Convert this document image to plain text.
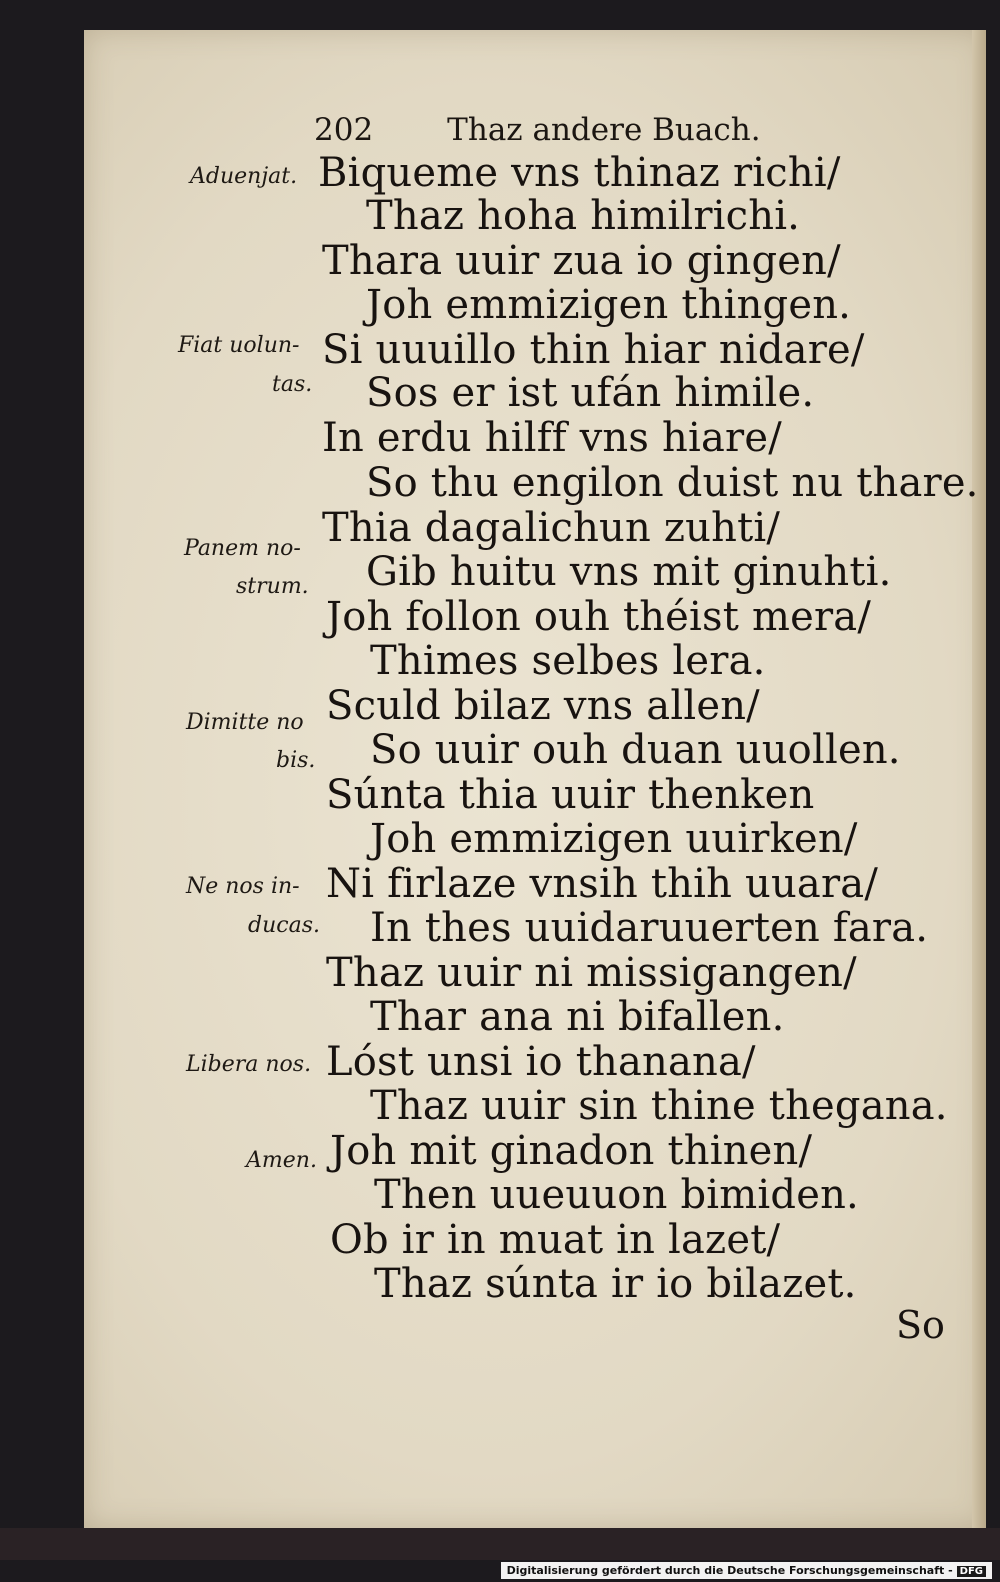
202 Thaz andere Buach.
Biqueme vns thinaz richi/
Thaz hoha himilrichi.
Thara uuir zua io gingen/
Joh emmizigen thingen.
Si uuuillo thin hiar nidare/
Sos er ist ufán himile.
In erdu hilff vns hiare/
So thu engilon duist nu thare.
Thia dagalichun zuhti/
Gib huitu vns mit ginuhti.
Joh follon ouh théist mera/
Thimes selbes lera.
Sculd bilaz vns allen/
So uuir ouh duan uuollen.
Súnta thia uuir thenken
Joh emmizigen uuirken/
Ni firlaze vnsih thih uuara/
In thes uuidaruuerten fara.
Thaz uuir ni missigangen/
Thar ana ni bifallen.
Lóst unsi io thanana/
Thaz uuir sin thine thegana.
Joh mit ginadon thinen/
Then uueuuon bimiden.
Ob ir in muat in lazet/
Thaz súnta ir io bilazet.
Aduenjat.
Fiat uolun-
tas.
Panem no-
strum.
Dimitte no
bis.
Ne nos in-
ducas.
Libera nos.
Amen.
So
Digitalisierung gefördert durch die Deutsche Forschungsgemeinschaft - DFG
